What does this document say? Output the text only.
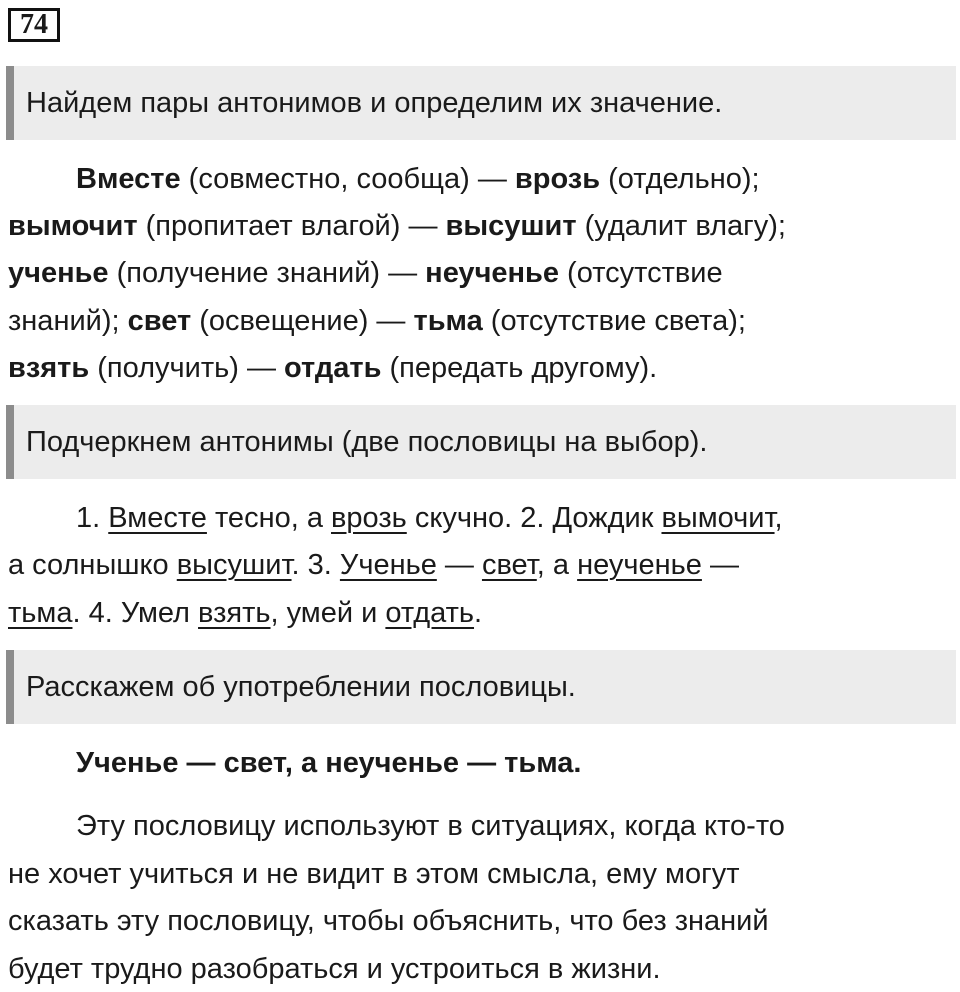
74
Найдем пары антонимов и определим их значение.
Вместе (совместно, сообща) — врозь (отдельно);
вымочит (пропитает влагой) — высушит (удалит влагу);
ученье (получение знаний) — неученье (отсутствие
знаний); свет (освещение) — тьма (отсутствие света);
взять (получить) — отдать (передать другому).
Подчеркнем антонимы (две пословицы на выбор).
1. Вместе тесно, а врозь скучно. 2. Дождик вымочит,
а солнышко высушит. 3. Ученье — свет, а неученье —
тьма. 4. Умел взять, умей и отдать.
Расскажем об употреблении пословицы.
Ученье — свет, а неученье — тьма.
Эту пословицу используют в ситуациях, когда кто-то
не хочет учиться и не видит в этом смысла, ему могут
сказать эту пословицу, чтобы объяснить, что без знаний
будет трудно разобраться и устроиться в жизни.
